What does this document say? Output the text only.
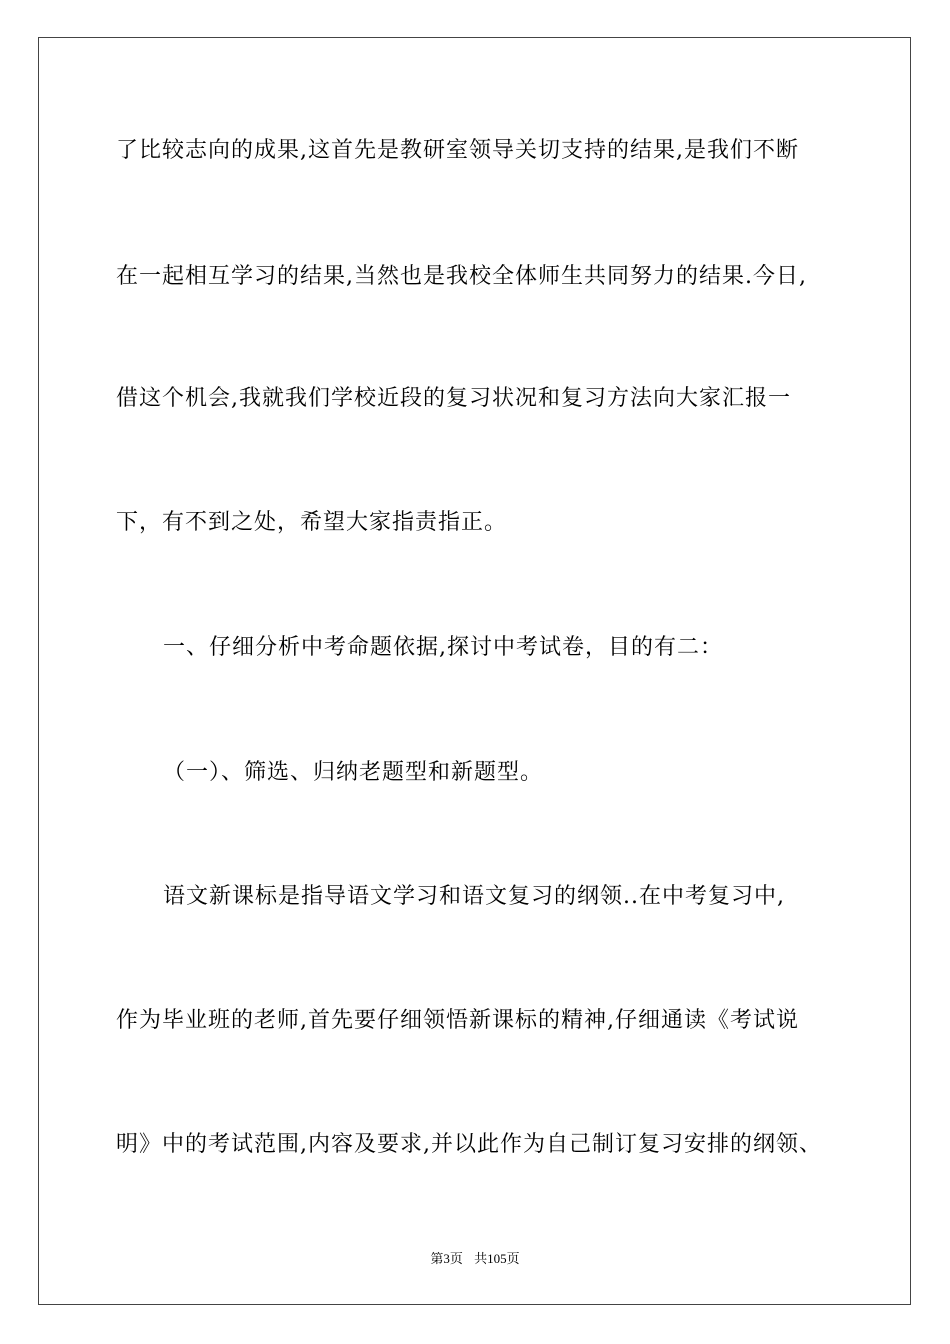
了比较志向的成果,这首先是教研室领导关切支持的结果,是我们不断
在一起相互学习的结果,当然也是我校全体师生共同努力的结果.今日,
借这个机会,我就我们学校近段的复习状况和复习方法向大家汇报一
下，有不到之处，希望大家指责指正。
一、仔细分析中考命题依据,探讨中考试卷，目的有二：
（一）、筛选、归纳老题型和新题型。
语文新课标是指导语文学习和语文复习的纲领..在中考复习中,
作为毕业班的老师,首先要仔细领悟新课标的精神,仔细通读《考试说
明》中的考试范围,内容及要求,并以此作为自己制订复习安排的纲领、
第3页 共105页
